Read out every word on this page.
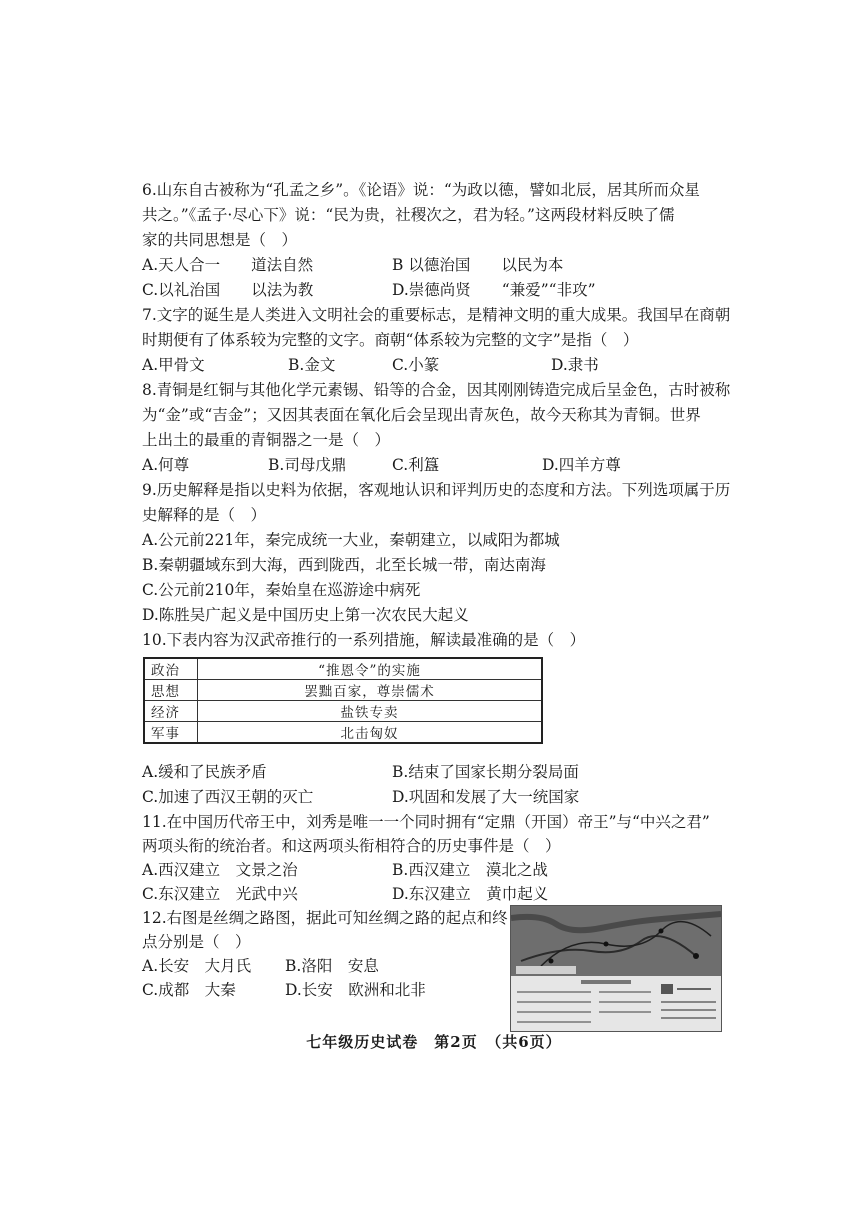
6.山东自古被称为“孔孟之乡”。《论语》说：“为政以德，譬如北辰，居其所而众星
共之。”《孟子·尽心下》说：“民为贵，社稷次之，君为轻。”这两段材料反映了儒
家的共同思想是（　）
A.天人合一　　道法自然	B 以德治国　　以民为本
C.以礼治国　　以法为教	D.崇德尚贤　　“兼爱”“非攻”
7.文字的诞生是人类进入文明社会的重要标志，是精神文明的重大成果。我国早在商朝
时期便有了体系较为完整的文字。商朝“体系较为完整的文字”是指（　）
A.甲骨文	B.金文	C.小篆	D.隶书
8.青铜是红铜与其他化学元素锡、铅等的合金，因其刚刚铸造完成后呈金色，古时被称
为“金”或“吉金”；又因其表面在氧化后会呈现出青灰色，故今天称其为青铜。世界
上出土的最重的青铜器之一是（　）
A.何尊	B.司母戊鼎	C.利簋	D.四羊方尊
9.历史解释是指以史料为依据，客观地认识和评判历史的态度和方法。下列选项属于历
史解释的是（　）
A.公元前221年，秦完成统一大业，秦朝建立，以咸阳为都城
B.秦朝疆域东到大海，西到陇西，北至长城一带，南达南海
C.公元前210年，秦始皇在巡游途中病死
D.陈胜吴广起义是中国历史上第一次农民大起义
10.下表内容为汉武帝推行的一系列措施，解读最准确的是（　）
政治	“推恩令”的实施
思想	罢黜百家，尊崇儒术
经济	盐铁专卖
军事	北击匈奴
A.缓和了民族矛盾	B.结束了国家长期分裂局面
C.加速了西汉王朝的灭亡	D.巩固和发展了大一统国家
11.在中国历代帝王中，刘秀是唯一一个同时拥有“定鼎（开国）帝王”与“中兴之君”
两项头衔的统治者。和这两项头衔相符合的历史事件是（　）
A.西汉建立　文景之治	B.西汉建立　漠北之战
C.东汉建立　光武中兴	D.东汉建立　黄巾起义
12.右图是丝绸之路图，据此可知丝绸之路的起点和终
点分别是（　）
A.长安　大月氏 B.洛阳　安息
C.成都　大秦	D.长安　欧洲和北非
七年级历史试卷　第2页　（共6页）
